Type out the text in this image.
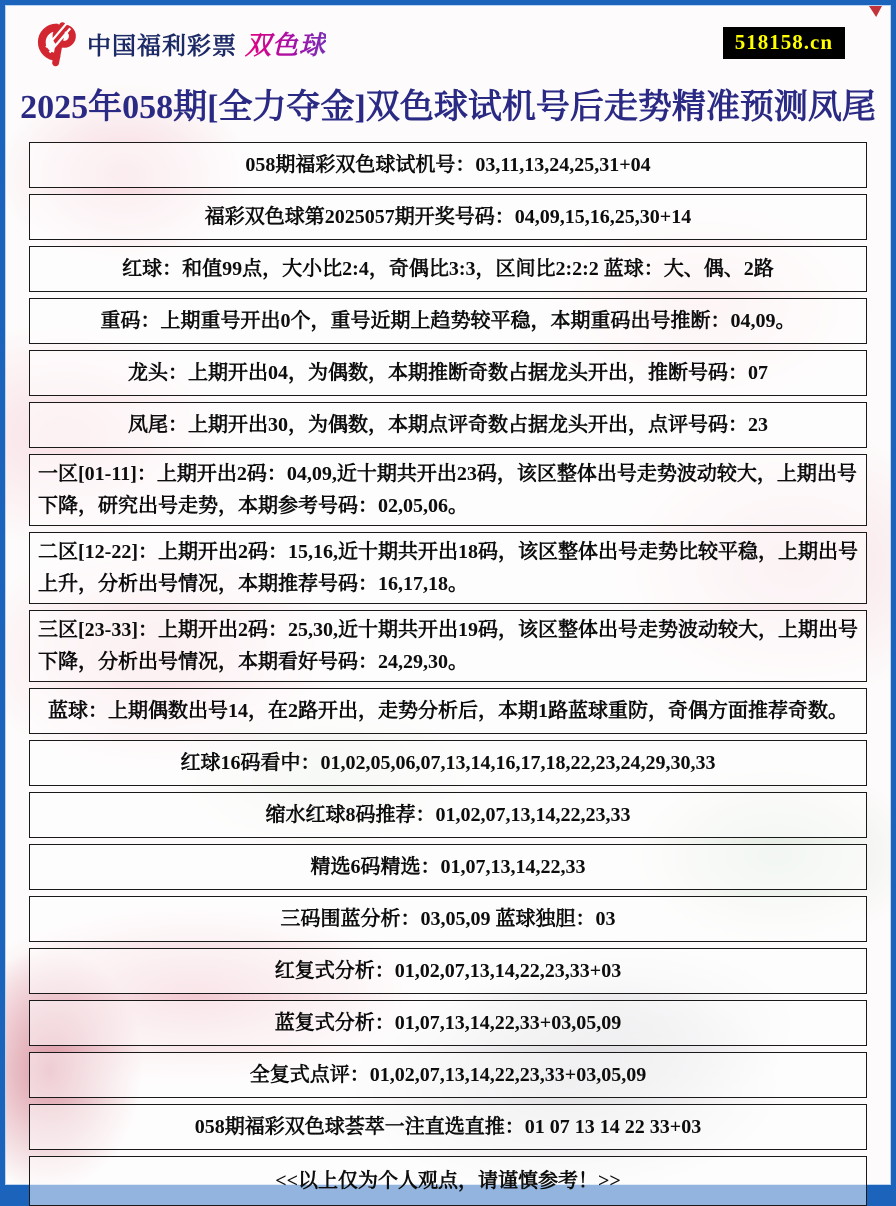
中国福利彩票 双色球	518158.cn
2025年058期[全力夺金]双色球试机号后走势精准预测凤尾
058期福彩双色球试机号：03,11,13,24,25,31+04
福彩双色球第2025057期开奖号码：04,09,15,16,25,30+14
红球：和值99点，大小比2:4，奇偶比3:3，区间比2:2:2 蓝球：大、偶、2路
重码：上期重号开出0个，重号近期上趋势较平稳，本期重码出号推断：04,09。
龙头：上期开出04，为偶数，本期推断奇数占据龙头开出，推断号码：07
凤尾：上期开出30，为偶数，本期点评奇数占据龙头开出，点评号码：23
一区[01-11]：上期开出2码：04,09,近十期共开出23码，该区整体出号走势波动较大，上期出号下降，研究出号走势，本期参考号码：02,05,06。
二区[12-22]：上期开出2码：15,16,近十期共开出18码，该区整体出号走势比较平稳，上期出号上升，分析出号情况，本期推荐号码：16,17,18。
三区[23-33]：上期开出2码：25,30,近十期共开出19码，该区整体出号走势波动较大，上期出号下降，分析出号情况，本期看好号码：24,29,30。
蓝球：上期偶数出号14，在2路开出，走势分析后，本期1路蓝球重防，奇偶方面推荐奇数。
红球16码看中：01,02,05,06,07,13,14,16,17,18,22,23,24,29,30,33
缩水红球8码推荐：01,02,07,13,14,22,23,33
精选6码精选：01,07,13,14,22,33
三码围蓝分析：03,05,09 蓝球独胆：03
红复式分析：01,02,07,13,14,22,23,33+03
蓝复式分析：01,07,13,14,22,33+03,05,09
全复式点评：01,02,07,13,14,22,23,33+03,05,09
058期福彩双色球荟萃一注直选直推：01 07 13 14 22 33+03
<<以上仅为个人观点，请谨慎参考！>>
